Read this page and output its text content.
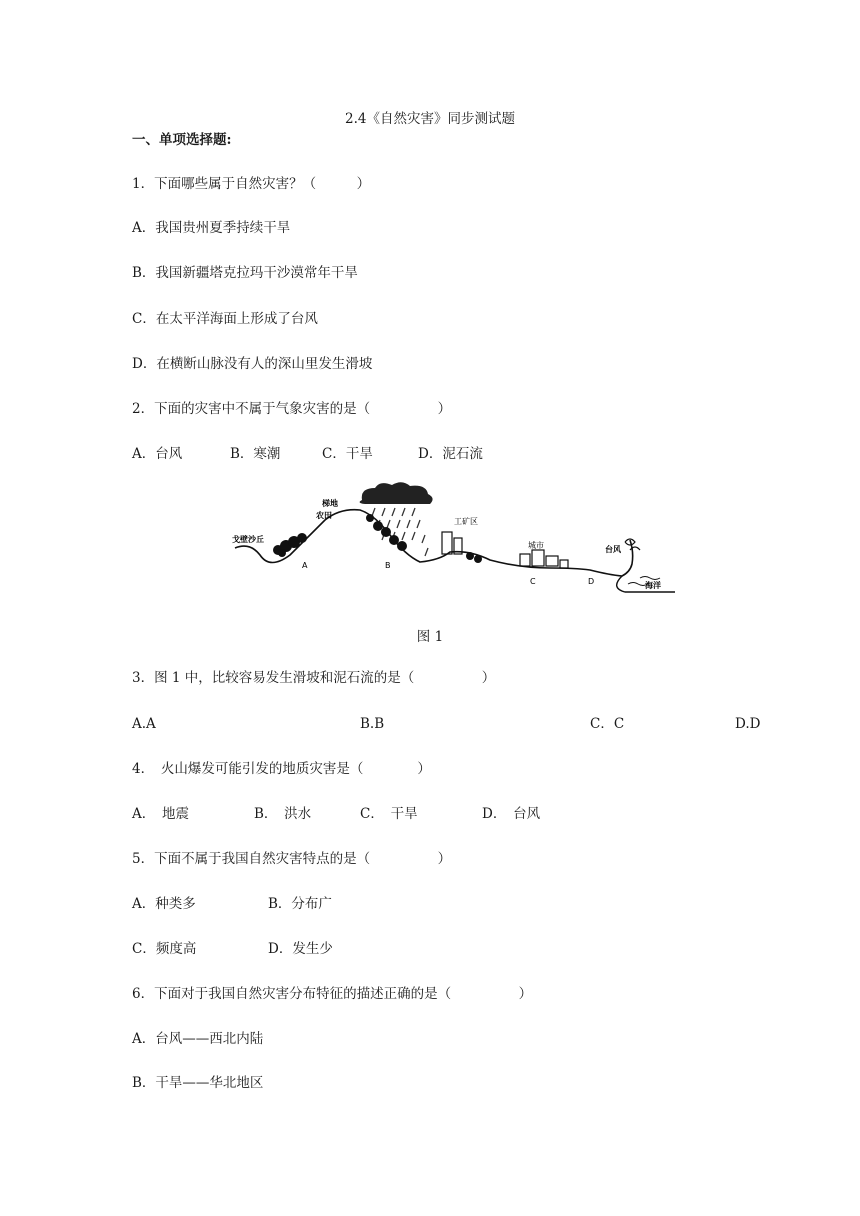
2.4《自然灾害》同步测试题
一、单项选择题:
1．下面哪些属于自然灾害？（　　　）
A．我国贵州夏季持续干旱
B．我国新疆塔克拉玛干沙漠常年干旱
C．在太平洋海面上形成了台风
D．在横断山脉没有人的深山里发生滑坡
2．下面的灾害中不属于气象灾害的是（　　　　　）
A．台风	B．寒潮	C．干旱	D．泥石流
戈壁沙丘
梯地
农田
工矿区
城市	台风
海洋
A	B
C	D
图 1
3．图 1 中，比较容易发生滑坡和泥石流的是（　　　　　）
A.A	B.B	C．C	D.D
4．　火山爆发可能引发的地质灾害是（　　　　）
A．　地震	B．　洪水	C．　干旱	D．　台风
5．下面不属于我国自然灾害特点的是（　　　　　）
A．种类多	B．分布广
C．频度高	D．发生少
6．下面对于我国自然灾害分布特征的描述正确的是（　　　　　）
A．台风——西北内陆
B．干旱——华北地区
